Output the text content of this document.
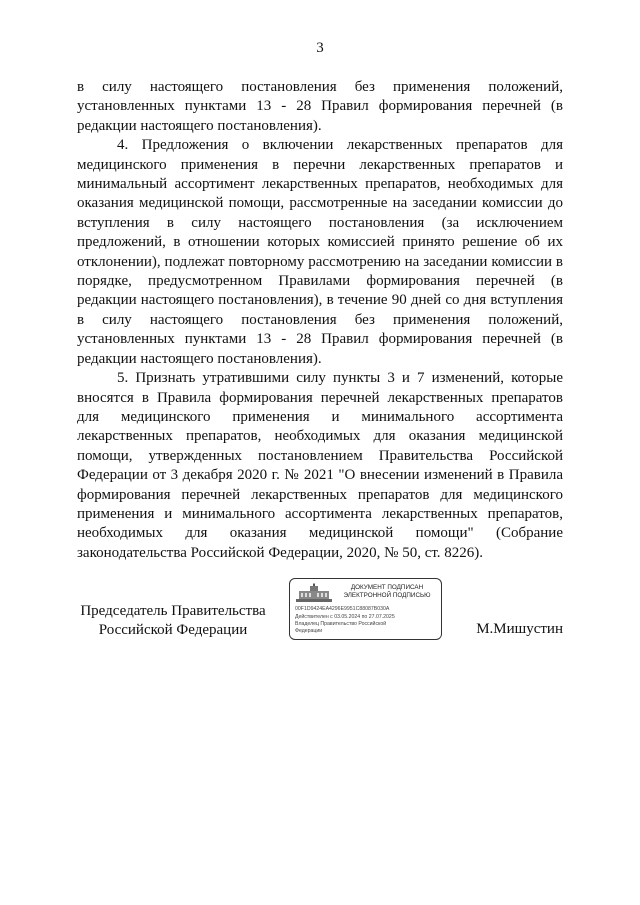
3

в силу настоящего постановления без применения положений, установленных пунктами 13 - 28 Правил формирования перечней (в редакции настоящего постановления).

4. Предложения о включении лекарственных препаратов для медицинского применения в перечни лекарственных препаратов и минимальный ассортимент лекарственных препаратов, необходимых для оказания медицинской помощи, рассмотренные на заседании комиссии до вступления в силу настоящего постановления (за исключением предложений, в отношении которых комиссией принято решение об их отклонении), подлежат повторному рассмотрению на заседании комиссии в порядке, предусмотренном Правилами формирования перечней (в редакции настоящего постановления), в течение 90 дней со дня вступления в силу настоящего постановления без применения положений, установленных пунктами 13 - 28 Правил формирования перечней (в редакции настоящего постановления).

5. Признать утратившими силу пункты 3 и 7 изменений, которые вносятся в Правила формирования перечней лекарственных препаратов для медицинского применения и минимального ассортимента лекарственных препаратов, необходимых для оказания медицинской помощи, утвержденных постановлением Правительства Российской Федерации от 3 декабря 2020 г. № 2021 "О внесении изменений в Правила формирования перечней лекарственных препаратов для медицинского применения и минимального ассортимента лекарственных препаратов, необходимых для оказания медицинской помощи" (Собрание законодательства Российской Федерации, 2020, № 50, ст. 8226).

Председатель Правительства
Российской Федерации
ДОКУМЕНТ ПОДПИСАН
ЭЛЕКТРОННОЙ ПОДПИСЬЮ
00F1D9424EA4296E9951C88087B030A
Действителен с 03.05.2024 по 27.07.2025
Владелец Правительство Российской
Федерации	М.Мишустин
